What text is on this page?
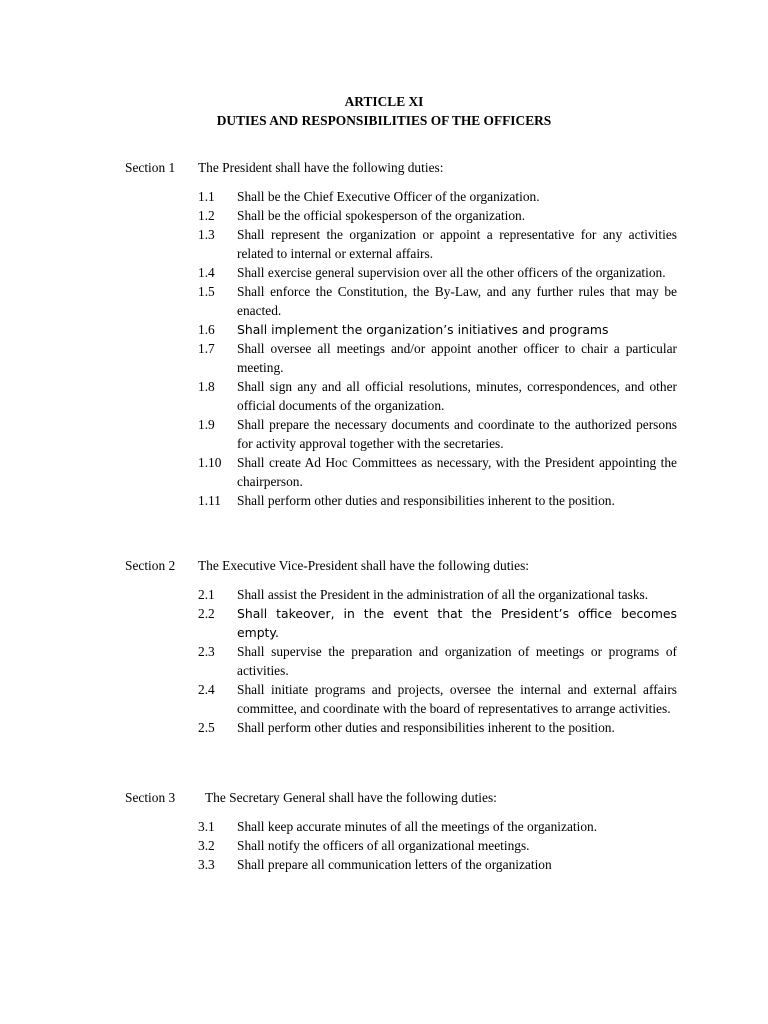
ARTICLE XI
DUTIES AND RESPONSIBILITIES OF THE OFFICERS
Section 1 The President shall have the following duties:
1.1	Shall be the Chief Executive Officer of the organization.
1.2	Shall be the official spokesperson of the organization.
1.3	Shall represent the organization or appoint a representative for any activities related to internal or external affairs.
1.4	Shall exercise general supervision over all the other officers of the organization.
1.5	Shall enforce the Constitution, the By-Law, and any further rules that may be enacted.
1.6	Shall implement the organization’s initiatives and programs
1.7	Shall oversee all meetings and/or appoint another officer to chair a particular meeting.
1.8	Shall sign any and all official resolutions, minutes, correspondences, and other official documents of the organization.
1.9	Shall prepare the necessary documents and coordinate to the authorized persons for activity approval together with the secretaries.
1.10	Shall create Ad Hoc Committees as necessary, with the President appointing the chairperson.
1.11	Shall perform other duties and responsibilities inherent to the position.
Section 2 The Executive Vice-President shall have the following duties:
2.1	Shall assist the President in the administration of all the organizational tasks.
2.2	Shall takeover, in the event that the President’s office becomes empty.
2.3	Shall supervise the preparation and organization of meetings or programs of activities.
2.4	Shall initiate programs and projects, oversee the internal and external affairs committee, and coordinate with the board of representatives to arrange activities.
2.5	Shall perform other duties and responsibilities inherent to the position.
Section 3 The Secretary General shall have the following duties:
3.1	Shall keep accurate minutes of all the meetings of the organization.
3.2	Shall notify the officers of all organizational meetings.
3.3	Shall prepare all communication letters of the organization
